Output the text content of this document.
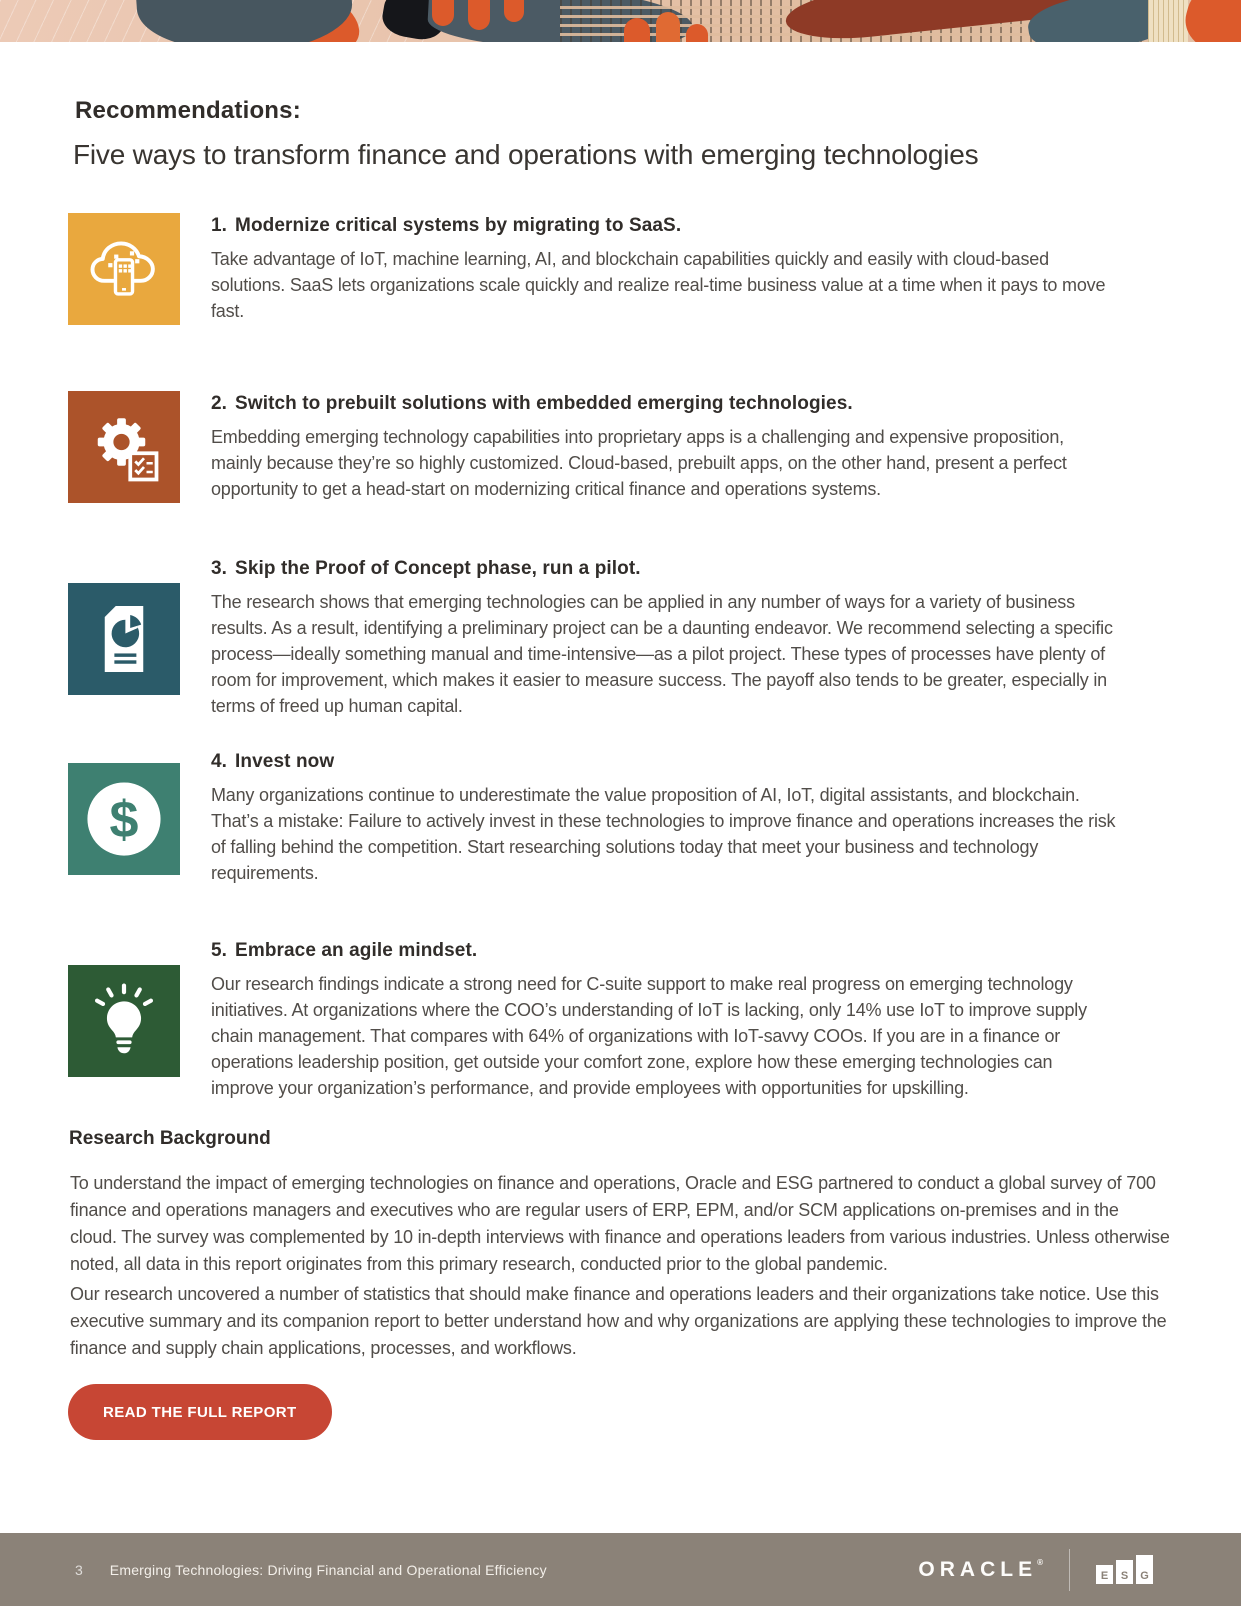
Recommendations:
Five ways to transform finance and operations with emerging technologies
1. Modernize critical systems by migrating to SaaS.

Take advantage of IoT, machine learning, AI, and blockchain capabilities quickly and easily with cloud-based solutions. SaaS lets organizations scale quickly and realize real-time business value at a time when it pays to move fast.

2. Switch to prebuilt solutions with embedded emerging technologies.

Embedding emerging technology capabilities into proprietary apps is a challenging and expensive proposition, mainly because they’re so highly customized. Cloud-based, prebuilt apps, on the other hand, present a perfect opportunity to get a head-start on modernizing critical finance and operations systems.

3. Skip the Proof of Concept phase, run a pilot.

The research shows that emerging technologies can be applied in any number of ways for a variety of business results. As a result, identifying a preliminary project can be a daunting endeavor. We recommend selecting a specific process—ideally something manual and time-intensive—as a pilot project. These types of processes have plenty of room for improvement, which makes it easier to measure success. The payoff also tends to be greater, especially in terms of freed up human capital.

$
4. Invest now

Many organizations continue to underestimate the value proposition of AI, IoT, digital assistants, and blockchain. That’s a mistake: Failure to actively invest in these technologies to improve finance and operations increases the risk of falling behind the competition. Start researching solutions today that meet your business and technology requirements.

5. Embrace an agile mindset.

Our research findings indicate a strong need for C-suite support to make real progress on emerging technology initiatives. At organizations where the COO’s understanding of IoT is lacking, only 14% use IoT to improve supply chain management. That compares with 64% of organizations with IoT-savvy COOs. If you are in a finance or operations leadership position, get outside your comfort zone, explore how these emerging technologies can improve your organization’s performance, and provide employees with opportunities for upskilling.

Research Background

To understand the impact of emerging technologies on finance and operations, Oracle and ESG partnered to conduct a global survey of 700 finance and operations managers and executives who are regular users of ERP, EPM, and/or SCM applications on-premises and in the cloud. The survey was complemented by 10 in-depth interviews with finance and operations leaders from various industries. Unless otherwise noted, all data in this report originates from this primary research, conducted prior to the global pandemic.

Our research uncovered a number of statistics that should make finance and operations leaders and their organizations take notice. Use this executive summary and its companion report to better understand how and why organizations are applying these technologies to improve the finance and supply chain applications, processes, and workflows.

READ THE FULL REPORT
3 Emerging Technologies: Driving Financial and Operational Efficiency	ORACLE®
E	S	G
